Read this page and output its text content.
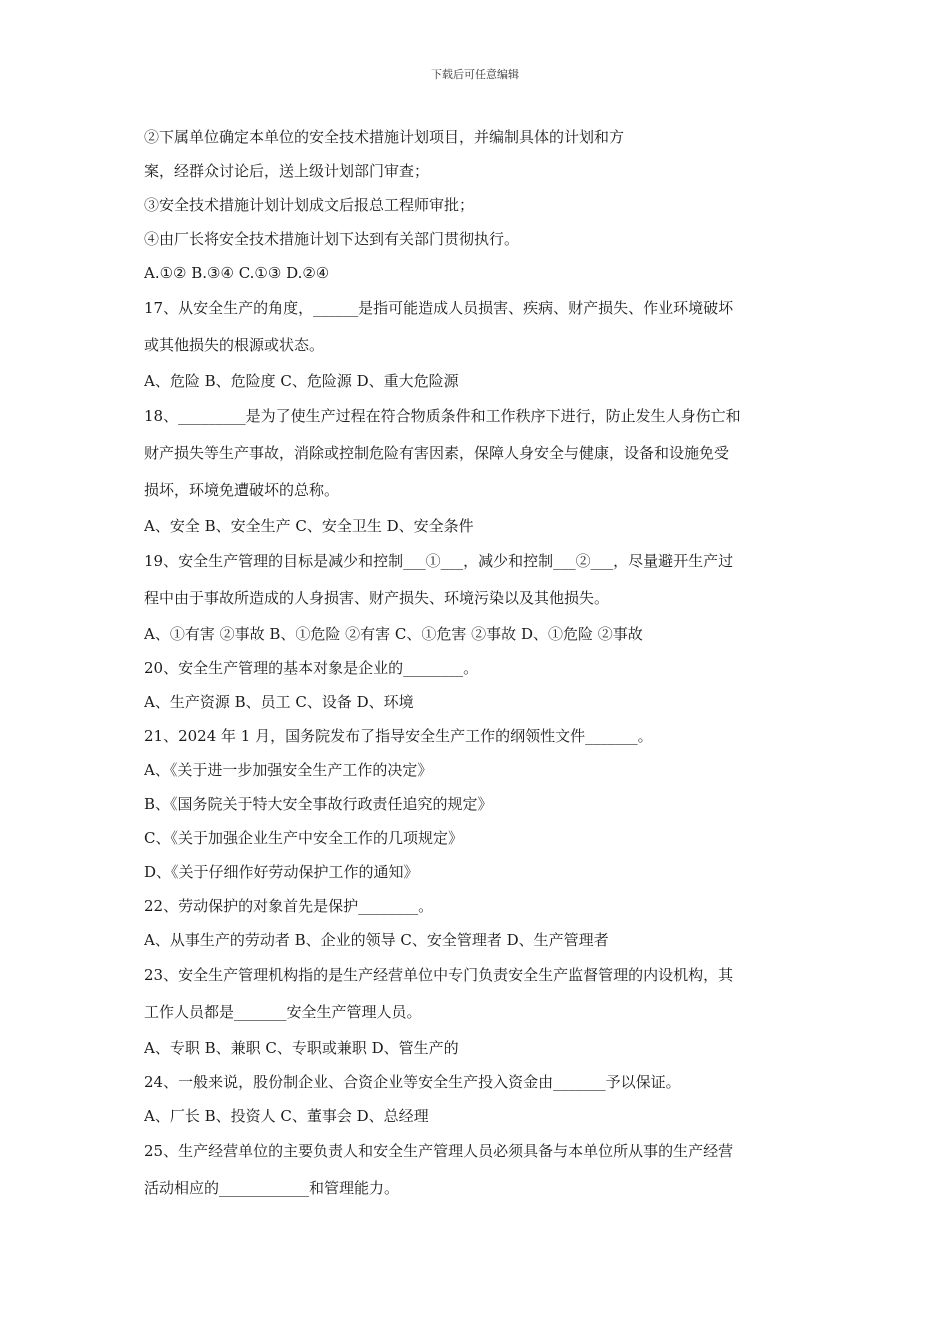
下载后可任意编辑
②下属单位确定本单位的安全技术措施计划项目，并编制具体的计划和方
案，经群众讨论后，送上级计划部门审查；
③安全技术措施计划计划成文后报总工程师审批；
④由厂长将安全技术措施计划下达到有关部门贯彻执行。
A.①② B.③④ C.①③ D.②④
17、从安全生产的角度，______是指可能造成人员损害、疾病、财产损失、作业环境破坏
或其他损失的根源或状态。
A、危险 B、危险度 C、危险源 D、重大危险源
18、_________是为了使生产过程在符合物质条件和工作秩序下进行，防止发生人身伤亡和
财产损失等生产事故，消除或控制危险有害因素，保障人身安全与健康，设备和设施免受
损坏，环境免遭破坏的总称。
A、安全 B、安全生产 C、安全卫生 D、安全条件
19、安全生产管理的目标是减少和控制___①___，减少和控制___②___，尽量避开生产过
程中由于事故所造成的人身损害、财产损失、环境污染以及其他损失。
A、①有害 ②事故 B、①危险 ②有害 C、①危害 ②事故 D、①危险 ②事故
20、安全生产管理的基本对象是企业的________。
A、生产资源 B、员工 C、设备 D、环境
21、2024 年 1 月，国务院发布了指导安全生产工作的纲领性文件_______。
A、《关于进一步加强安全生产工作的决定》
B、《国务院关于特大安全事故行政责任追究的规定》
C、《关于加强企业生产中安全工作的几项规定》
D、《关于仔细作好劳动保护工作的通知》
22、劳动保护的对象首先是保护________。
A、从事生产的劳动者 B、企业的领导 C、安全管理者 D、生产管理者
23、安全生产管理机构指的是生产经营单位中专门负责安全生产监督管理的内设机构，其
工作人员都是_______安全生产管理人员。
A、专职 B、兼职 C、专职或兼职 D、管生产的
24、一般来说，股份制企业、合资企业等安全生产投入资金由_______予以保证。
A、厂长 B、投资人 C、董事会 D、总经理
25、生产经营单位的主要负责人和安全生产管理人员必须具备与本单位所从事的生产经营
活动相应的____________和管理能力。
